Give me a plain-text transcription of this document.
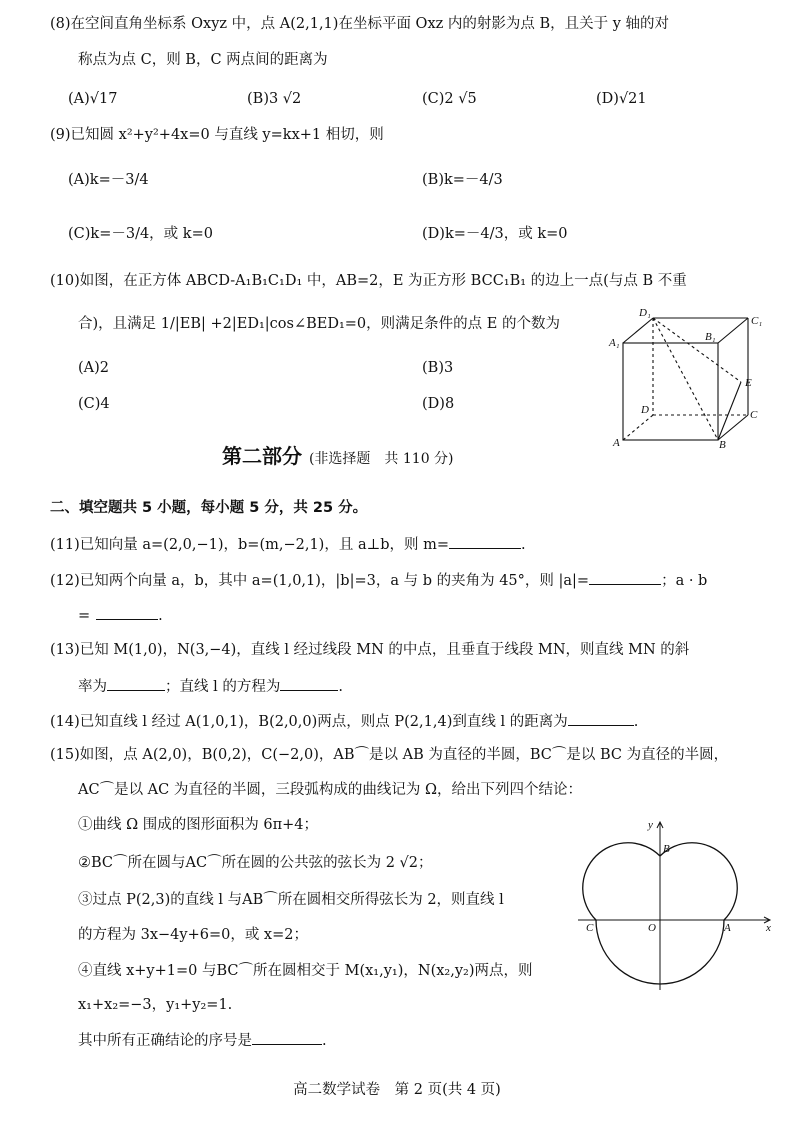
(8)在空间直角坐标系 Oxyz 中，点 A(2,1,1)在坐标平面 Oxz 内的射影为点 B，且关于 y 轴的对
称点为点 C，则 B，C 两点间的距离为
(A)√17	(B)3 √2	(C)2 √5	(D)√21
(9)已知圆 x²+y²+4x=0 与直线 y=kx+1 相切，则
(A)k=－3/4	(B)k=－4/3
(C)k=－3/4，或 k=0	(D)k=－4/3，或 k=0
(10)如图，在正方体 ABCD-A₁B₁C₁D₁ 中，AB=2，E 为正方形 BCC₁B₁ 的边上一点(与点 B 不重
合)，且满足 1/|EB| +2|ED₁|cos∠BED₁=0，则满足条件的点 E 的个数为
(A)2	(B)3
(C)4	(D)8
D₁
C₁
A₁	B₁
E
D	C
A	B
第二部分 (非选择题　共 110 分)
二、填空题共 5 小题，每小题 5 分，共 25 分。
(11)已知向量 a=(2,0,−1)，b=(m,−2,1)，且 a⊥b，则 m=	.
(12)已知两个向量 a，b，其中 a=(1,0,1)，|b|=3，a 与 b 的夹角为 45°，则 |a|=	；a · b
=	.
(13)已知 M(1,0)，N(3,−4)，直线 l 经过线段 MN 的中点，且垂直于线段 MN，则直线 MN 的斜
率为	；直线 l 的方程为	.
(14)已知直线 l 经过 A(1,0,1)，B(2,0,0)两点，则点 P(2,1,4)到直线 l 的距离为	.
(15)如图，点 A(2,0)，B(0,2)，C(−2,0)，AB⌒是以 AB 为直径的半圆，BC⌒是以 BC 为直径的半圆，
AC⌒是以 AC 为直径的半圆，三段弧构成的曲线记为 Ω，给出下列四个结论：
①曲线 Ω 围成的图形面积为 6π+4；
②BC⌒所在圆与AC⌒所在圆的公共弦的弦长为 2 √2；
③过点 P(2,3)的直线 l 与AB⌒所在圆相交所得弦长为 2，则直线 l
的方程为 3x−4y+6=0，或 x=2；
④直线 x+y+1=0 与BC⌒所在圆相交于 M(x₁,y₁)，N(x₂,y₂)两点，则
x₁+x₂=−3，y₁+y₂=1.
其中所有正确结论的序号是	.
y
B
C	O	A	x
高二数学试卷　第 2 页(共 4 页)
